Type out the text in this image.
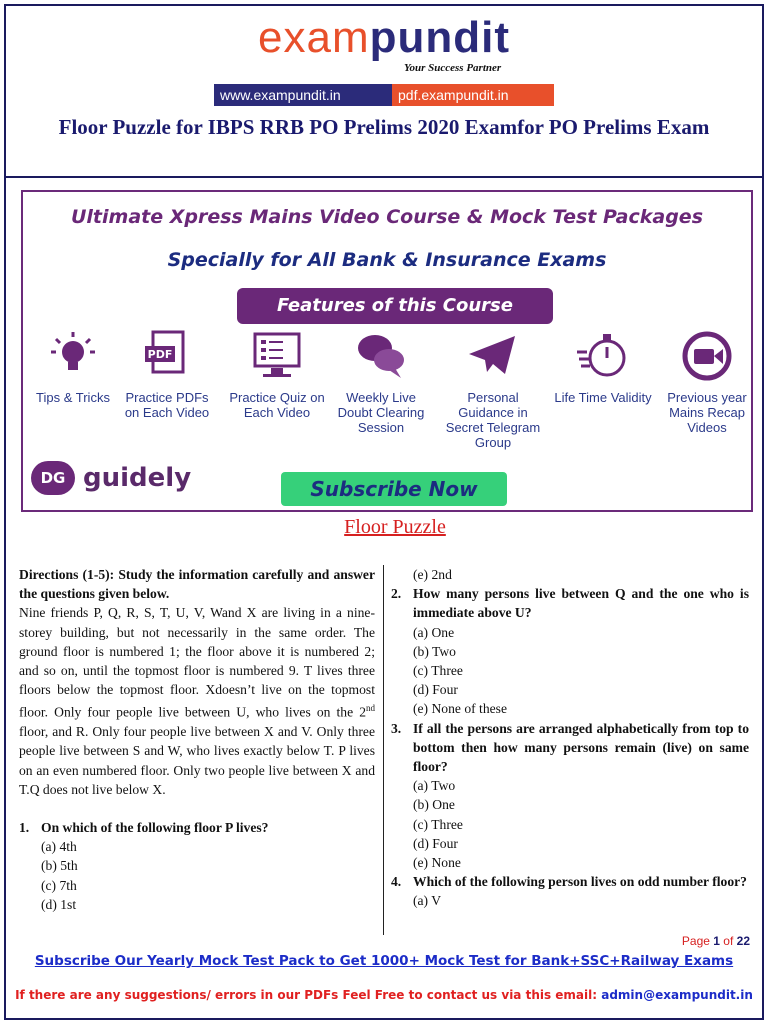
exampundit
Your Success Partner
www.exampundit.in	pdf.exampundit.in
Floor Puzzle for IBPS RRB PO Prelims 2020 Examfor PO Prelims Exam
Ultimate Xpress Mains Video Course & Mock Test Packages
Specially for All Bank & Insurance Exams
Features of this Course
Tips & Tricks
PDF
Practice PDFs on Each Video
Practice Quiz on Each Video
Weekly Live Doubt Clearing Session
Personal Guidance in Secret Telegram Group
Life Time Validity	Previous year Mains Recap Videos
DG guidely	Subscribe Now
Floor Puzzle

Directions (1-5): Study the information carefully and answer the questions given below.

Nine friends P, Q, R, S, T, U, V, Wand X are living in a nine-storey building, but not necessarily in the same order. The ground floor is numbered 1; the floor above it is numbered 2; and so on, until the topmost floor is numbered 9. T lives three floors below the topmost floor. Xdoesn’t live on the topmost floor. Only four people live between U, who lives on the 2nd floor, and R. Only four people live between X and V. Only three people live between S and W, who lives exactly below T. P lives on an even numbered floor. Only two people live between X and T.Q does not live below X.

1. On which of the following floor P lives?

(a) 4th

(b) 5th

(c) 7th

(d) 1st

(e) 2nd

2. How many persons live between Q and the one who is immediate above U?

(a) One

(b) Two

(c) Three

(d) Four

(e) None of these

3. If all the persons are arranged alphabetically from top to bottom then how many persons remain (live) on same floor?

(a) Two

(b) One

(c) Three

(d) Four

(e) None

4. Which of the following person lives on odd number floor?

(a) V

Page 1 of 22
Subscribe Our Yearly Mock Test Pack to Get 1000+ Mock Test for Bank+SSC+Railway Exams
If there are any suggestions/ errors in our PDFs Feel Free to contact us via this email: admin@exampundit.in
